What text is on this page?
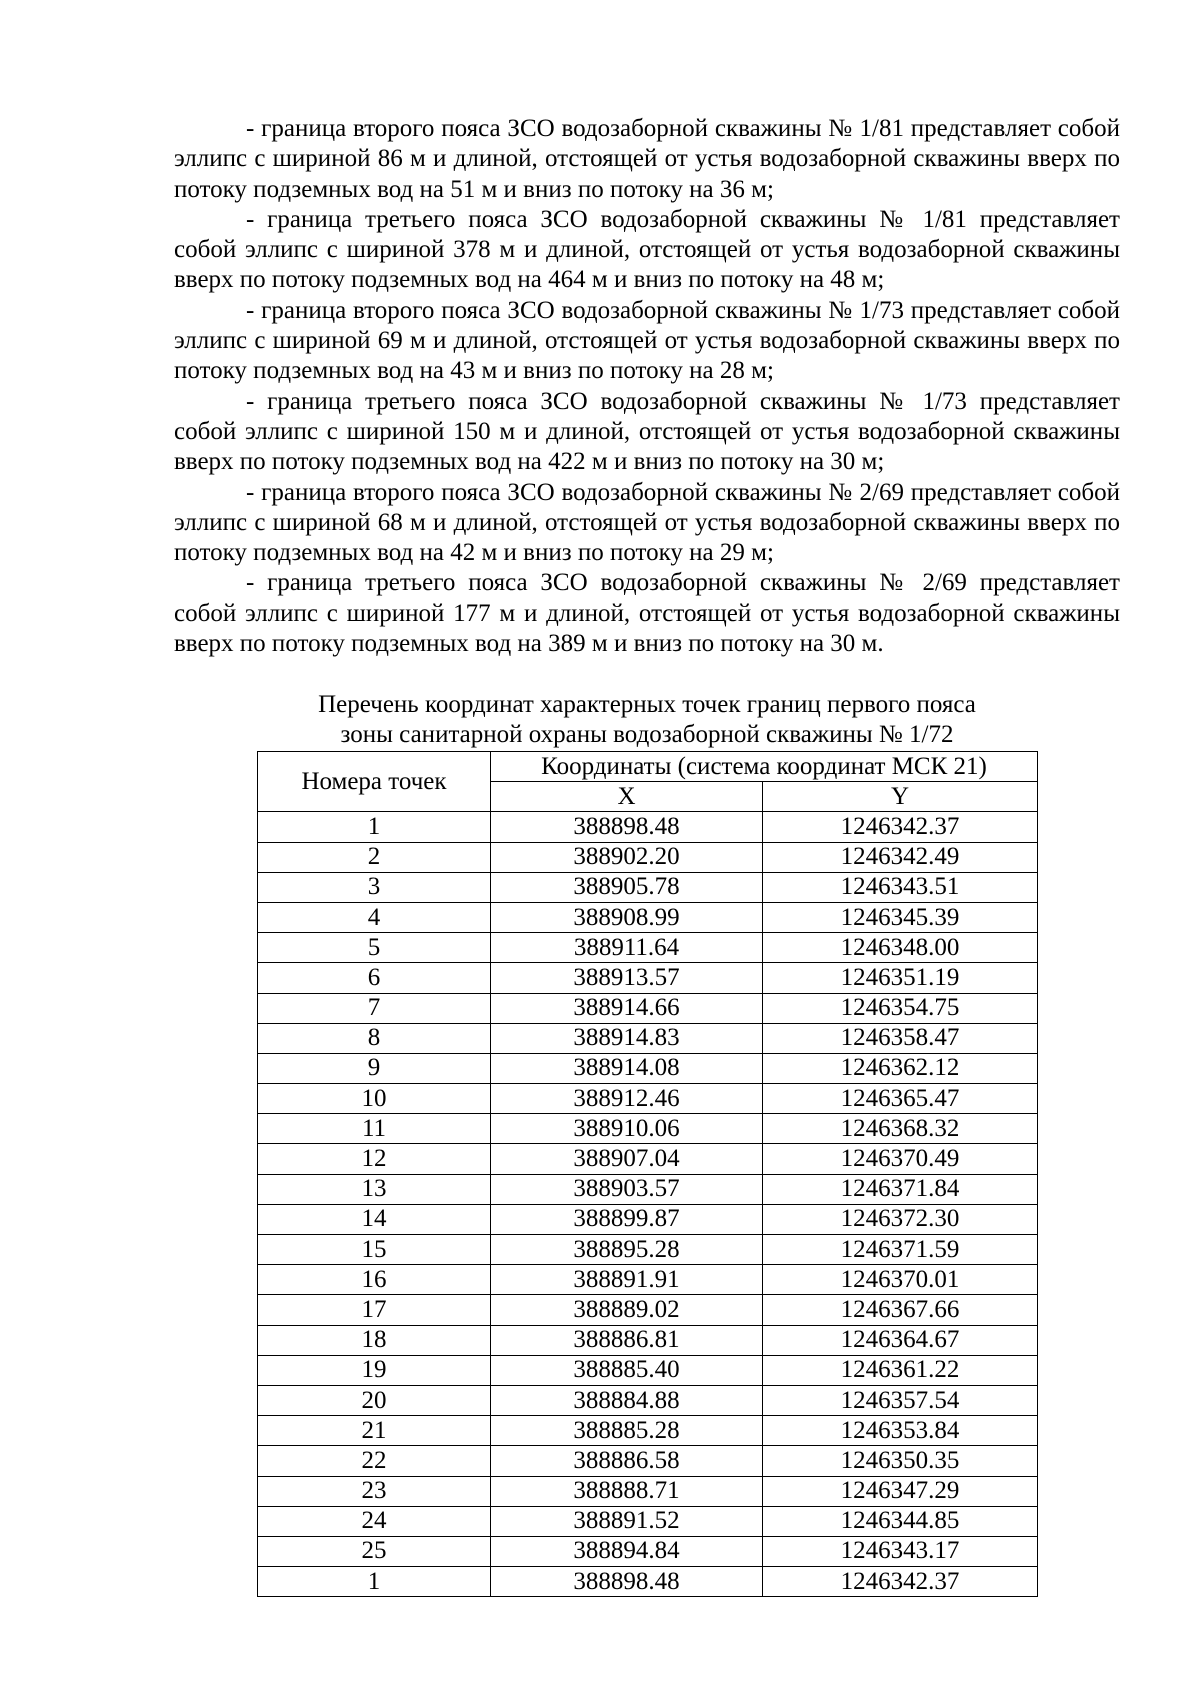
- граница второго пояса ЗСО водозаборной скважины № 1/81 представляет собой эллипс с шириной 86 м и длиной, отстоящей от устья водозаборной скважины вверх по потоку подземных вод на 51 м и вниз по потоку на 36 м;

- граница третьего пояса ЗСО водозаборной скважины № 1/81 представляет собой эллипс с шириной 378 м и длиной, отстоящей от устья водозаборной скважины вверх по потоку подземных вод на 464 м и вниз по потоку на 48 м;

- граница второго пояса ЗСО водозаборной скважины № 1/73 представляет собой эллипс с шириной 69 м и длиной, отстоящей от устья водозаборной скважины вверх по потоку подземных вод на 43 м и вниз по потоку на 28 м;

- граница третьего пояса ЗСО водозаборной скважины № 1/73 представляет собой эллипс с шириной 150 м и длиной, отстоящей от устья водозаборной скважины вверх по потоку подземных вод на 422 м и вниз по потоку на 30 м;

- граница второго пояса ЗСО водозаборной скважины № 2/69 представляет собой эллипс с шириной 68 м и длиной, отстоящей от устья водозаборной скважины вверх по потоку подземных вод на 42 м и вниз по потоку на 29 м;

- граница третьего пояса ЗСО водозаборной скважины № 2/69 представляет собой эллипс с шириной 177 м и длиной, отстоящей от устья водозаборной скважины вверх по потоку подземных вод на 389 м и вниз по потоку на 30 м.

Перечень координат характерных точек границ первого пояса
зоны санитарной охраны водозаборной скважины № 1/72
Номера точек	Координаты (система координат МСК 21)	
	X	Y
1	388898.48	1246342.37
2	388902.20	1246342.49
3	388905.78	1246343.51
4	388908.99	1246345.39
5	388911.64	1246348.00
6	388913.57	1246351.19
7	388914.66	1246354.75
8	388914.83	1246358.47
9	388914.08	1246362.12
10	388912.46	1246365.47
11	388910.06	1246368.32
12	388907.04	1246370.49
13	388903.57	1246371.84
14	388899.87	1246372.30
15	388895.28	1246371.59
16	388891.91	1246370.01
17	388889.02	1246367.66
18	388886.81	1246364.67
19	388885.40	1246361.22
20	388884.88	1246357.54
21	388885.28	1246353.84
22	388886.58	1246350.35
23	388888.71	1246347.29
24	388891.52	1246344.85
25	388894.84	1246343.17
1	388898.48	1246342.37
